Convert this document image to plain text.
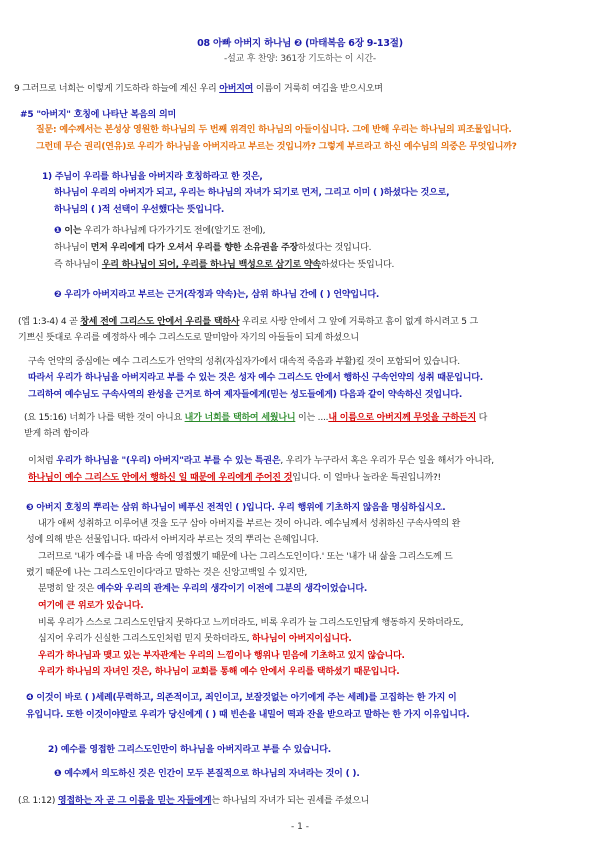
08 아빠 아버지 하나님 ❷ (마태복음 6장 9-13절)
-설교 후 찬양: 361장 기도하는 이 시간-
9 그러므로 너희는 이렇게 기도하라 하늘에 계신 우리 아버지여 이름이 거룩히 여김을 받으시오며
#5 "아버지" 호칭에 나타난 복음의 의미
질문: 예수께서는 본성상 영원한 하나님의 두 번째 위격인 하나님의 아들이십니다. 그에 반해 우리는 하나님의 피조물입니다.
그런데 무슨 권리(연유)로 우리가 하나님을 아버지라고 부르는 것입니까? 그렇게 부르라고 하신 예수님의 의중은 무엇입니까?
1) 주님이 우리를 하나님을 아버지라 호칭하라고 한 것은,
하나님이 우리의 아버지가 되고, 우리는 하나님의 자녀가 되기로 먼저, 그리고 이미 ( )하셨다는 것으로,
하나님의 ( )적 선택이 우선했다는 뜻입니다.
❶ 이는 우리가 하나님께 다가가기도 전에(알기도 전에),
하나님이 먼저 우리에게 다가 오셔서 우리를 향한 소유권을 주장하셨다는 것입니다.
즉 하나님이 우리 하나님이 되어, 우리를 하나님 백성으로 삼기로 약속하셨다는 뜻입니다.
❷ 우리가 아버지라고 부르는 근거(작정과 약속)는, 삼위 하나님 간에 ( ) 언약입니다.
(엡 1:3-4) 4 곧 창세 전에 그리스도 안에서 우리를 택하사 우리로 사랑 안에서 그 앞에 거룩하고 흠이 없게 하시려고 5 그
기쁘신 뜻대로 우리를 예정하사 예수 그리스도로 말미암아 자기의 아들들이 되게 하셨으니
구속 언약의 중심에는 예수 그리스도가 언약의 성취(자십자가에서 대속적 죽음과 부활)킬 것이 포함되어 있습니다.
따라서 우리가 하나님을 아버지라고 부를 수 있는 것은 성자 예수 그리스도 안에서 행하신 구속언약의 성취 때문입니다.
그리하여 예수님도 구속사역의 완성을 근거로 하여 제자들에게(믿는 성도들에게) 다음과 같이 약속하신 것입니다.
(요 15:16) 너희가 나를 택한 것이 아니요 내가 너희를 택하여 세웠나니 이는 ....내 이름으로 아버지께 무엇을 구하든지 다
받게 하려 함이라
이처럼 우리가 하나님을 "(우리) 아버지"라고 부를 수 있는 특권은, 우리가 누구라서 혹은 우리가 무슨 일을 해서가 아니라,
하나님이 예수 그리스도 안에서 행하신 일 때문에 우리에게 주어진 것입니다. 이 얼마나 놀라운 특권입니까?!
❸ 아버지 호칭의 뿌리는 삼위 하나님이 베푸신 전적인 ( )입니다. 우리 행위에 기초하지 않음을 명심하십시오.
내가 애써 성취하고 이루어낸 것을 도구 삼아 아버지를 부르는 것이 아니라. 예수님께서 성취하신 구속사역의 완
성에 의해 받은 선물입니다. 따라서 아버지라 부르는 것의 뿌리는 은혜입니다.
그러므로 '내가 예수를 내 마음 속에 영접했기 때문에 나는 그리스도인이다.' 또는 '내가 내 삶을 그리스도께 드
렸기 때문에 나는 그리스도인이다'라고 말하는 것은 신앙고백일 수 있지만,
분명히 알 것은 예수와 우리의 관계는 우리의 생각이기 이전에 그분의 생각이었습니다.
여기에 큰 위로가 있습니다.
비록 우리가 스스로 그리스도인답지 못하다고 느끼더라도, 비록 우리가 늘 그리스도인답게 행동하지 못하더라도,
심지어 우리가 신실한 그리스도인처럼 믿지 못하더라도, 하나님이 아버지이십니다.
우리가 하나님과 맺고 있는 부자관계는 우리의 느낌이나 행위나 믿음에 기초하고 있지 않습니다.
우리가 하나님의 자녀인 것은, 하나님이 교회를 통해 예수 안에서 우리를 택하셨기 때문입니다.
❹ 이것이 바로 ( )세례(무력하고, 의존적이고, 죄인이고, 보잘것없는 아기에게 주는 세례)를 고집하는 한 가지 이
유입니다. 또한 이것이야말로 우리가 당신에게 ( ) 때 빈손을 내밀어 떡과 잔을 받으라고 말하는 한 가지 이유입니다.
2) 예수를 영접한 그리스도인만이 하나님을 아버지라고 부를 수 있습니다.
❶ 예수께서 의도하신 것은 인간이 모두 본질적으로 하나님의 자녀라는 것이 ( ).
(요 1:12) 영접하는 자 곧 그 이름을 믿는 자들에게는 하나님의 자녀가 되는 권세를 주셨으니
- 1 -
